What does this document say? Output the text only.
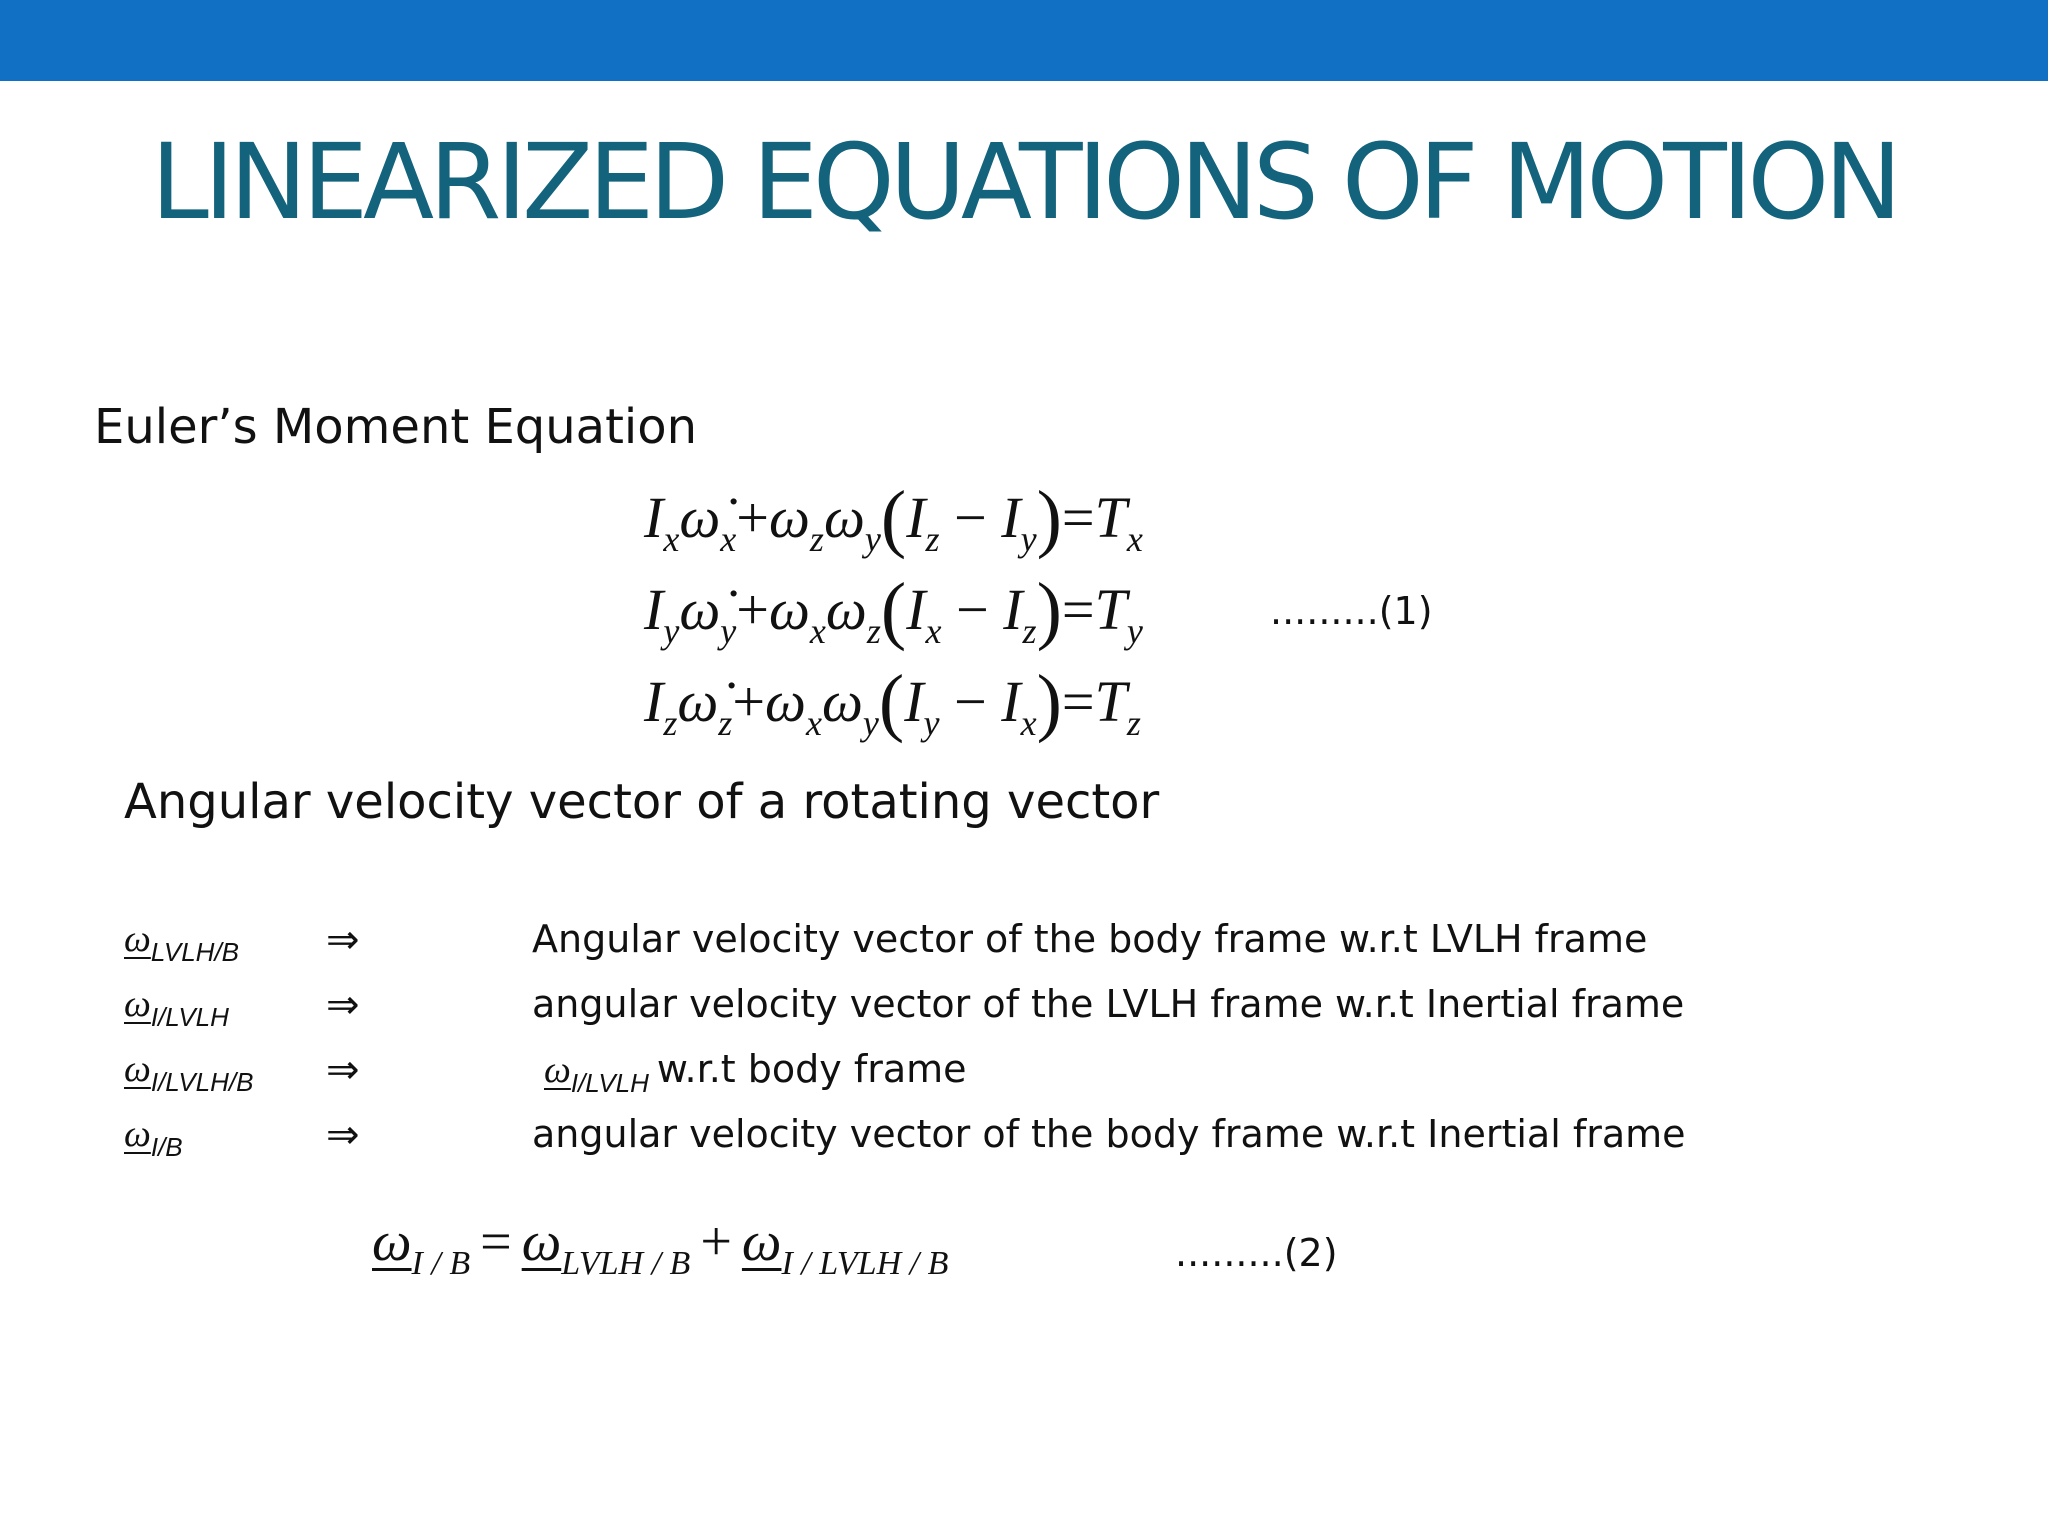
LINEARIZED EQUATIONS OF MOTION
Euler’s Moment Equation
$I_x\omegȧ_x+\omega_z\omega_y(I_z - I_y)=T_x$
$I_y\omegȧ_y+\omega_x\omega_z(I_x - I_z)=T_y$
$I_z\omegȧ_z+\omega_x\omega_y(I_y - I_x)=T_z$
.........(1)
Angular velocity vector of a rotating vector
$\omega_{LVLH/B}$ ⇒	Angular velocity vector of the body frame w.r.t LVLH frame
$\omega_{I/LVLH}$ ⇒	angular velocity vector of the LVLH frame w.r.t Inertial frame
$\omega_{I/LVLH/B}$ ⇒	$\omega_{I/LVLH}$ w.r.t body frame
$\omega_{I/B}$	⇒	angular velocity vector of the body frame w.r.t Inertial frame
$\omega_{I / B} = \omega_{LVLH / B} + \omega_{I / LVLH / B}$	.........(2)
